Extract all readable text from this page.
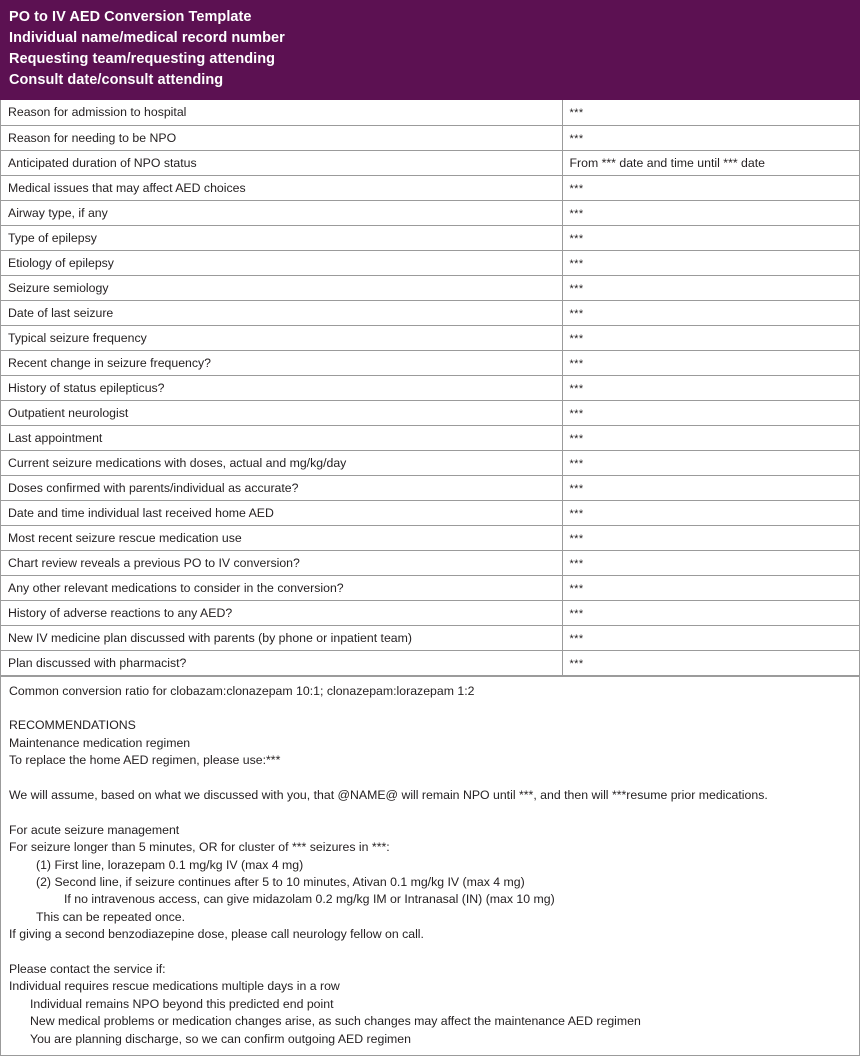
PO to IV AED Conversion Template
Individual name/medical record number
Requesting team/requesting attending
Consult date/consult attending
Reason for admission to hospital	***
Reason for needing to be NPO	***
Anticipated duration of NPO status	From *** date and time until *** date
Medical issues that may affect AED choices	***
Airway type, if any	***
Type of epilepsy	***
Etiology of epilepsy	***
Seizure semiology	***
Date of last seizure	***
Typical seizure frequency	***
Recent change in seizure frequency?	***
History of status epilepticus?	***
Outpatient neurologist	***
Last appointment	***
Current seizure medications with doses, actual and mg/kg/day	***
Doses confirmed with parents/individual as accurate?	***
Date and time individual last received home AED	***
Most recent seizure rescue medication use	***
Chart review reveals a previous PO to IV conversion?	***
Any other relevant medications to consider in the conversion?	***
History of adverse reactions to any AED?	***
New IV medicine plan discussed with parents (by phone or inpatient team)	***
Plan discussed with pharmacist?	***
Common conversion ratio for clobazam:clonazepam 10:1; clonazepam:lorazepam 1:2
RECOMMENDATIONS
Maintenance medication regimen
To replace the home AED regimen, please use:***
We will assume, based on what we discussed with you, that @NAME@ will remain NPO until ***, and then will ***resume prior medications.
For acute seizure management
For seizure longer than 5 minutes, OR for cluster of *** seizures in ***:
(1) First line, lorazepam 0.1 mg/kg IV (max 4 mg)
(2) Second line, if seizure continues after 5 to 10 minutes, Ativan 0.1 mg/kg IV (max 4 mg)
If no intravenous access, can give midazolam 0.2 mg/kg IM or Intranasal (IN) (max 10 mg)
This can be repeated once.
If giving a second benzodiazepine dose, please call neurology fellow on call.
Please contact the service if:
Individual requires rescue medications multiple days in a row
Individual remains NPO beyond this predicted end point
New medical problems or medication changes arise, as such changes may affect the maintenance AED regimen
You are planning discharge, so we can confirm outgoing AED regimen
